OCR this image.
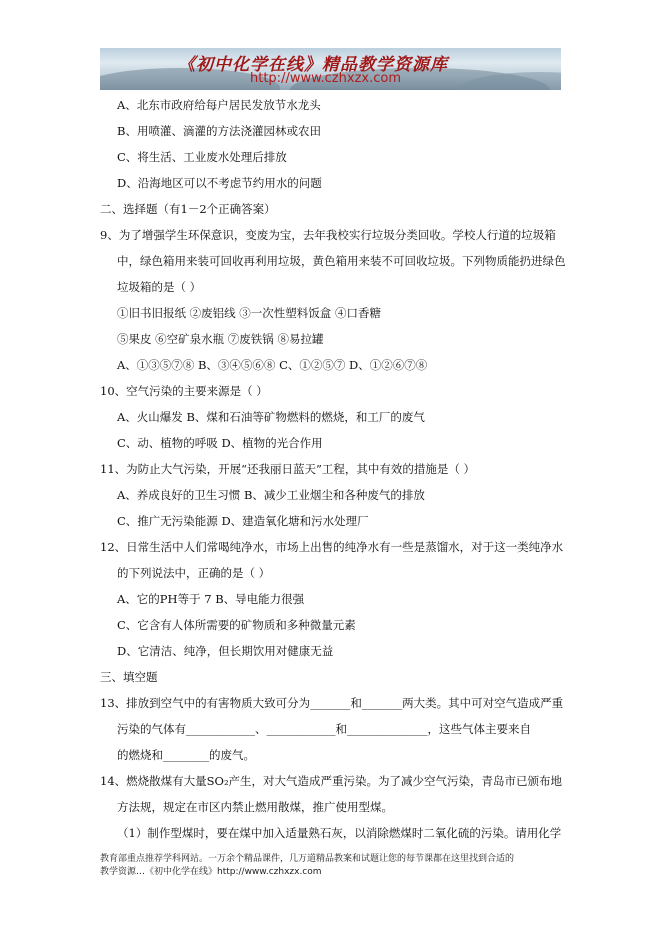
《初中化学在线》精品教学资源库
http://www.czhxzx.com
A、北东市政府给每户居民发放节水龙头
B、用喷灌、滴灌的方法浇灌园林或农田
C、将生活、工业废水处理后排放
D、沿海地区可以不考虑节约用水的问题
二、选择题（有1－2个正确答案）
9、为了增强学生环保意识，变废为宝，去年我校实行垃圾分类回收。学校人行道的垃圾箱
中，绿色箱用来装可回收再利用垃圾，黄色箱用来装不可回收垃圾。下列物质能扔进绿色
垃圾箱的是（ ）
①旧书旧报纸 ②废铝线 ③一次性塑料饭盒 ④口香糖
⑤果皮 ⑥空矿泉水瓶 ⑦废铁锅 ⑧易拉罐
A、①③⑤⑦⑧ B、③④⑤⑥⑧ C、①②⑤⑦ D、①②⑥⑦⑧
10、空气污染的主要来源是（ ）
A、火山爆发 B、煤和石油等矿物燃料的燃烧，和工厂的废气
C、动、植物的呼吸 D、植物的光合作用
11、为防止大气污染，开展“还我丽日蓝天”工程，其中有效的措施是（ ）
A、养成良好的卫生习惯 B、减少工业烟尘和各种废气的排放
C、推广无污染能源 D、建造氧化塘和污水处理厂
12、日常生活中人们常喝纯净水，市场上出售的纯净水有一些是蒸馏水，对于这一类纯净水
的下列说法中，正确的是（ ）
A、它的PH等于 7 B、导电能力很强
C、它含有人体所需要的矿物质和多种微量元素
D、它清洁、纯净，但长期饮用对健康无益
三、填空题
13、排放到空气中的有害物质大致可分为_______和_______两大类。其中可对空气造成严重
污染的气体有____________、____________和______________，这些气体主要来自
的燃烧和________的废气。
14、燃烧散煤有大量SO₂产生，对大气造成严重污染。为了减少空气污染，青岛市已颁布地
方法规，规定在市区内禁止燃用散煤，推广使用型煤。
（1）制作型煤时，要在煤中加入适量熟石灰，以消除燃煤时二氧化硫的污染。请用化学
教育部重点推荐学科网站。一万余个精品课件，几万道精品教案和试题让您的每节课都在这里找到合适的
教学资源…《初中化学在线》http://www.czhxzx.com
